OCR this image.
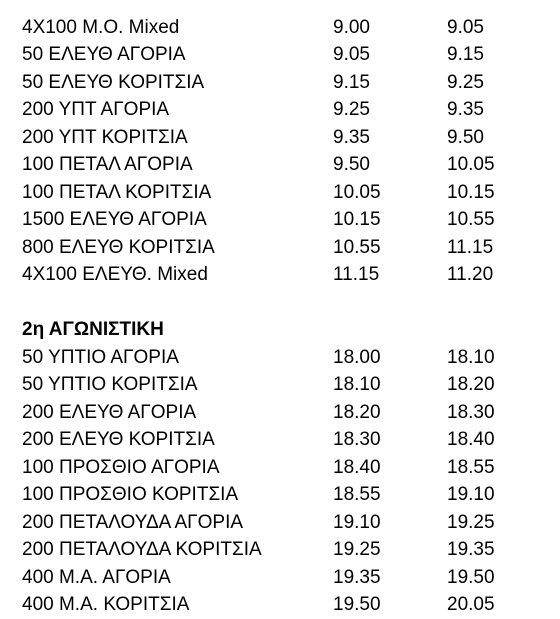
4X100 Μ.Ο. Mixed	9.00	9.05
50 ΕΛΕΥΘ ΑΓΟΡΙΑ	9.05	9.15
50 ΕΛΕΥΘ ΚΟΡΙΤΣΙΑ	9.15	9.25
200 ΥΠΤ ΑΓΟΡΙΑ	9.25	9.35
200 ΥΠΤ ΚΟΡΙΤΣΙΑ	9.35	9.50
100 ΠΕΤΑΛ ΑΓΟΡΙΑ	9.50	10.05
100 ΠΕΤΑΛ ΚΟΡΙΤΣΙΑ	10.05	10.15
1500 ΕΛΕΥΘ ΑΓΟΡΙΑ	10.15	10.55
800 ΕΛΕΥΘ ΚΟΡΙΤΣΙΑ	10.55	11.15
4X100 ΕΛΕΥΘ. Mixed	11.15	11.20
2η ΑΓΩΝΙΣΤΙΚΗ
50 ΥΠΤΙΟ ΑΓΟΡΙΑ	18.00	18.10
50 ΥΠΤΙΟ ΚΟΡΙΤΣΙΑ	18.10	18.20
200 ΕΛΕΥΘ ΑΓΟΡΙΑ	18.20	18.30
200 ΕΛΕΥΘ ΚΟΡΙΤΣΙΑ	18.30	18.40
100 ΠΡΟΣΘΙΟ ΑΓΟΡΙΑ	18.40	18.55
100 ΠΡΟΣΘΙΟ ΚΟΡΙΤΣΙΑ	18.55	19.10
200 ΠΕΤΑΛΟΥΔΑ ΑΓΟΡΙΑ	19.10	19.25
200 ΠΕΤΑΛΟΥΔΑ ΚΟΡΙΤΣΙΑ	19.25	19.35
400 Μ.Α. ΑΓΟΡΙΑ	19.35	19.50
400 Μ.Α. ΚΟΡΙΤΣΙΑ	19.50	20.05
